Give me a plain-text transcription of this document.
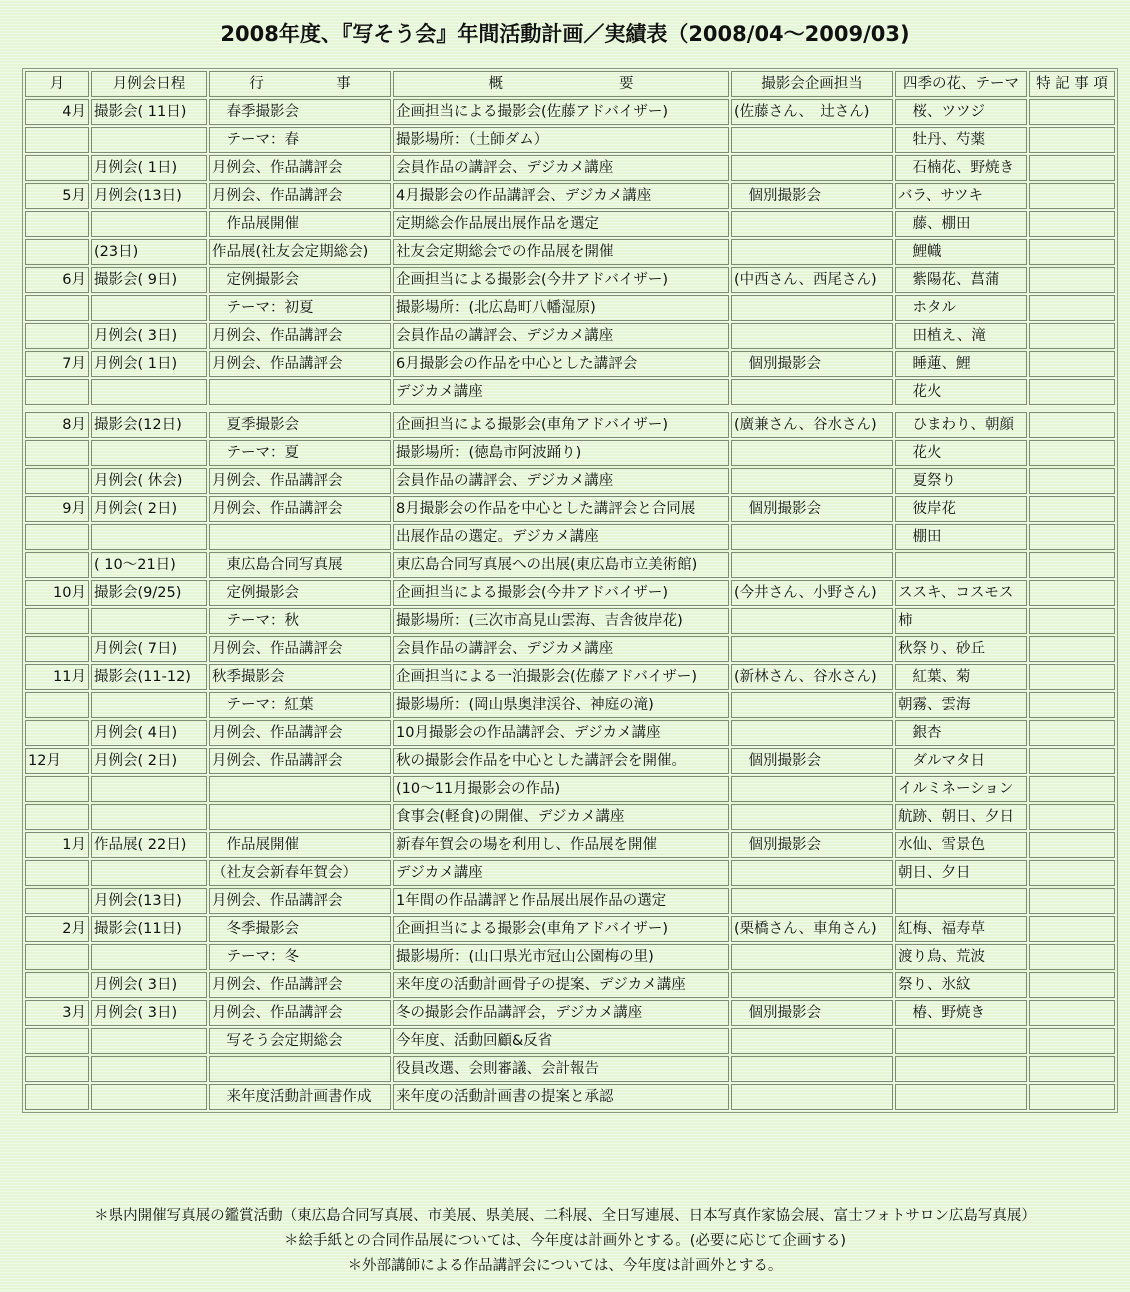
2008年度、『写そう会』年間活動計画／実績表（2008/04〜2009/03)
月	月例会日程	行　　　　　事	概　　　　　　　　要	撮影会企画担当	四季の花、テーマ	特 記 事 項
4月	撮影会( 11日)	　春季撮影会	企画担当による撮影会(佐藤アドバイザー)	(佐藤さん、　辻さん)	　桜、ツツジ	
		　テーマ：春	撮影場所：（土師ダム）		　牡丹、芍薬	
	月例会( 1日)	月例会、作品講評会	会員作品の講評会、デジカメ講座		　石楠花、野焼き	
5月	月例会(13日)	月例会、作品講評会	4月撮影会の作品講評会、デジカメ講座	　個別撮影会	バラ、サツキ	
		　作品展開催	定期総会作品展出展作品を選定		　藤、棚田	
	(23日)	作品展(社友会定期総会)	社友会定期総会での作品展を開催		　鯉幟	
6月	撮影会( 9日)	　定例撮影会	企画担当による撮影会(今井アドバイザー)	(中西さん、西尾さん)	　紫陽花、菖蒲	
		　テーマ：初夏	撮影場所：(北広島町八幡湿原)		　ホタル	
	月例会( 3日)	月例会、作品講評会	会員作品の講評会、デジカメ講座		　田植え、滝	
7月	月例会( 1日)	月例会、作品講評会	6月撮影会の作品を中心とした講評会	　個別撮影会	　睡蓮、鯉	
			デジカメ講座		　花火	

8月	撮影会(12日)	　夏季撮影会	企画担当による撮影会(車角アドバイザー)	(廣兼さん、谷水さん)	　ひまわり、朝顔	
		　テーマ：夏	撮影場所：(徳島市阿波踊り)		　花火	
	月例会( 休会)	月例会、作品講評会	会員作品の講評会、デジカメ講座		　夏祭り	
9月	月例会( 2日)	月例会、作品講評会	8月撮影会の作品を中心とした講評会と合同展	　個別撮影会	　彼岸花	
			出展作品の選定。デジカメ講座		　棚田	
	( 10〜21日)	　東広島合同写真展	東広島合同写真展への出展(東広島市立美術館)			
10月	撮影会(9/25)	　定例撮影会	企画担当による撮影会(今井アドバイザー)	(今井さん、小野さん)	ススキ、コスモス	
		　テーマ：秋	撮影場所：(三次市高見山雲海、吉舎彼岸花)		柿	
	月例会( 7日)	月例会、作品講評会	会員作品の講評会、デジカメ講座		秋祭り、砂丘	
11月	撮影会(11-12)	秋季撮影会	企画担当による一泊撮影会(佐藤アドバイザー)	(新林さん、谷水さん)	　紅葉、菊	
		　テーマ：紅葉	撮影場所：(岡山県奥津渓谷、神庭の滝)		朝霧、雲海	
	月例会( 4日)	月例会、作品講評会	10月撮影会の作品講評会、デジカメ講座		　銀杏	
12月	月例会( 2日)	月例会、作品講評会	秋の撮影会作品を中心とした講評会を開催。	　個別撮影会	　ダルマタ日	
			(10〜11月撮影会の作品)		イルミネーション	
			食事会(軽食)の開催、デジカメ講座		航跡、朝日、夕日	
1月	作品展( 22日)	　作品展開催	新春年賀会の場を利用し、作品展を開催	　個別撮影会	水仙、雪景色	
		（社友会新春年賀会）	デジカメ講座		朝日、夕日	
	月例会(13日)	月例会、作品講評会	1年間の作品講評と作品展出展作品の選定			
2月	撮影会(11日)	　冬季撮影会	企画担当による撮影会(車角アドバイザー)	(栗橋さん、車角さん)	紅梅、福寿草	
		　テーマ：冬	撮影場所：(山口県光市冠山公園梅の里)		渡り鳥、荒波	
	月例会( 3日)	月例会、作品講評会	来年度の活動計画骨子の提案、デジカメ講座		祭り、氷紋	
3月	月例会( 3日)	月例会、作品講評会	冬の撮影会作品講評会，デジカメ講座	　個別撮影会	　椿、野焼き	
		　写そう会定期総会	今年度、活動回顧&反省			
			役員改選、会則審議、会計報告			
		　来年度活動計画書作成	来年度の活動計画書の提案と承認			
＊県内開催写真展の鑑賞活動（東広島合同写真展、市美展、県美展、二科展、全日写連展、日本写真作家協会展、富士フォトサロン広島写真展）
＊絵手紙との合同作品展については、今年度は計画外とする。(必要に応じて企画する)
＊外部講師による作品講評会については、今年度は計画外とする。
